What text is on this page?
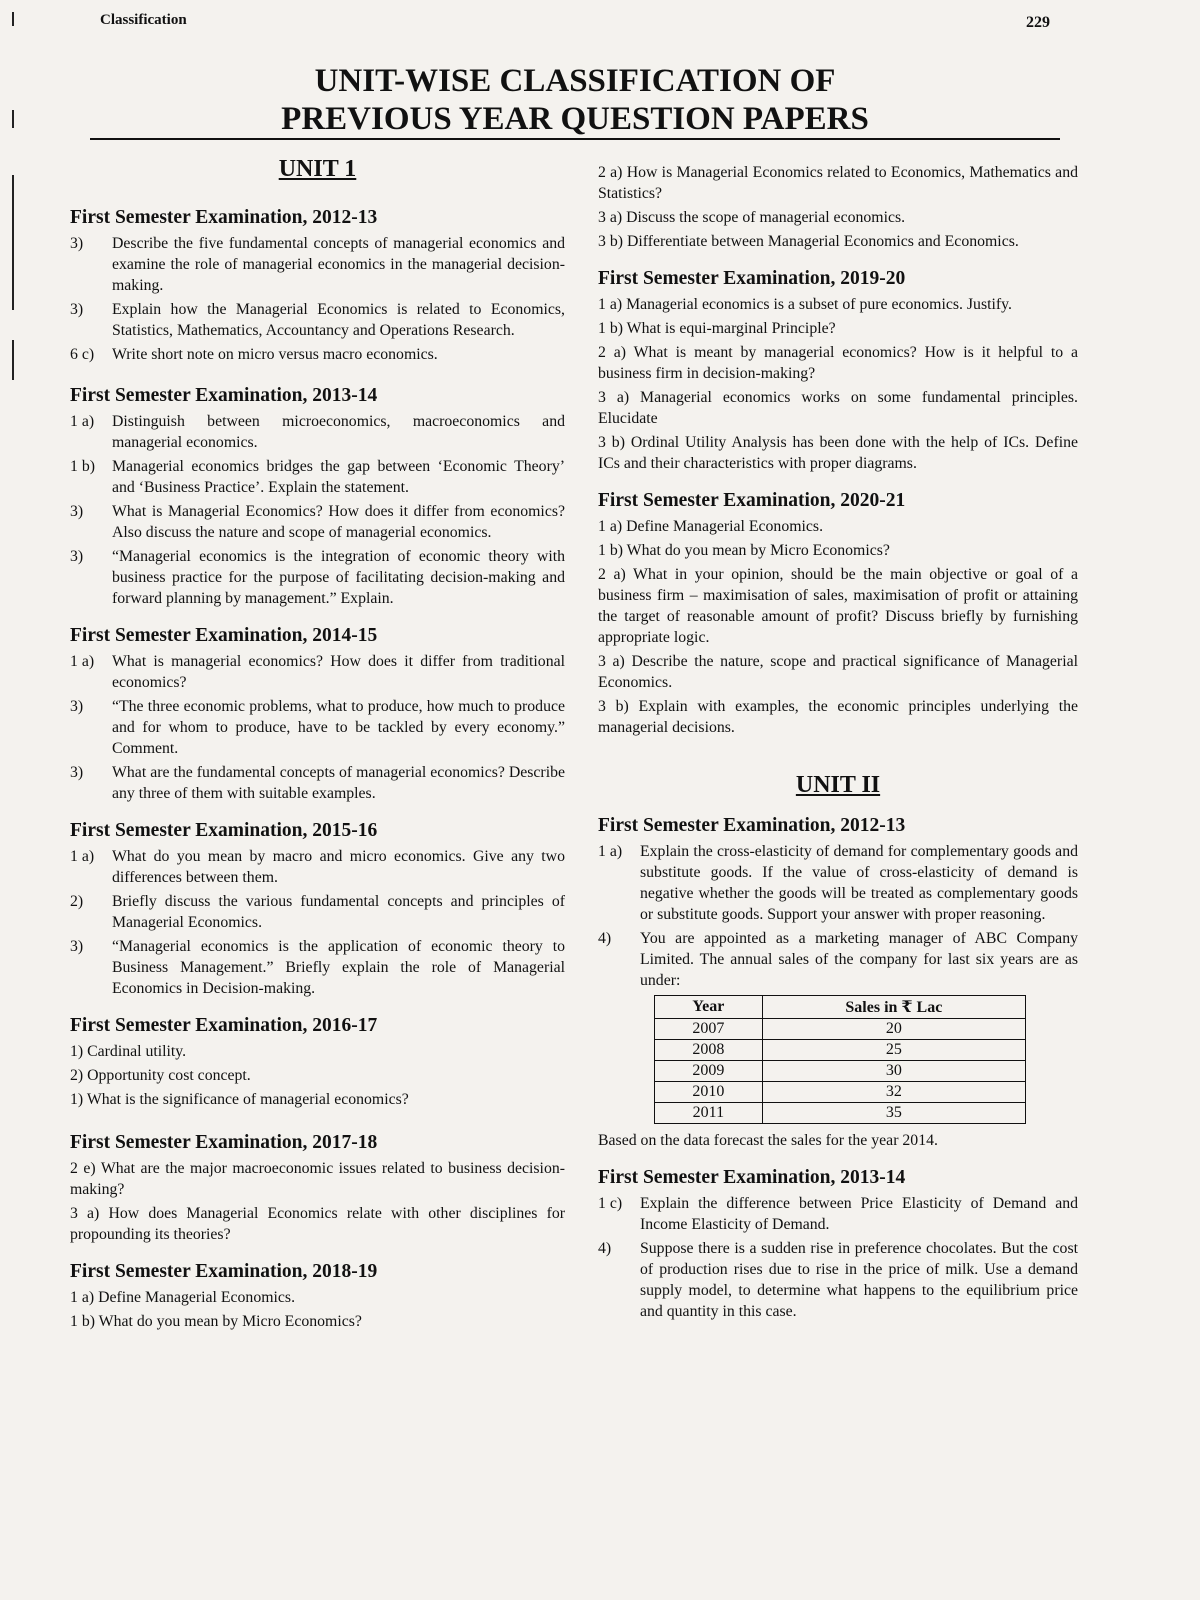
Classification	229
UNIT-WISE CLASSIFICATION OF
PREVIOUS YEAR QUESTION PAPERS
UNIT 1
First Semester Examination, 2012-13
3)	Describe the five fundamental concepts of managerial economics and examine the role of managerial economics in the managerial decision-making.
3)	Explain how the Managerial Economics is related to Economics, Statistics, Mathematics, Accountancy and Operations Research.
6 c)	Write short note on micro versus macro economics.
First Semester Examination, 2013-14
1 a)	Distinguish between microeconomics, macroeconomics and managerial economics.
1 b)	Managerial economics bridges the gap between ‘Economic Theory’ and ‘Business Practice’. Explain the statement.
3)	What is Managerial Economics? How does it differ from economics? Also discuss the nature and scope of managerial economics.
3)	“Managerial economics is the integration of economic theory with business practice for the purpose of facilitating decision-making and forward planning by management.” Explain.
First Semester Examination, 2014-15
1 a)	What is managerial economics? How does it differ from traditional economics?
3)	“The three economic problems, what to produce, how much to produce and for whom to produce, have to be tackled by every economy.” Comment.
3)	What are the fundamental concepts of managerial economics? Describe any three of them with suitable examples.
First Semester Examination, 2015-16
1 a)	What do you mean by macro and micro economics. Give any two differences between them.
2)	Briefly discuss the various fundamental concepts and principles of Managerial Economics.
3)	“Managerial economics is the application of economic theory to Business Management.” Briefly explain the role of Managerial Economics in Decision-making.
First Semester Examination, 2016-17
1) Cardinal utility.
2) Opportunity cost concept.
1) What is the significance of managerial economics?
First Semester Examination, 2017-18
2 e) What are the major macroeconomic issues related to business decision-making?
3 a) How does Managerial Economics relate with other disciplines for propounding its theories?
First Semester Examination, 2018-19
1 a) Define Managerial Economics.
1 b) What do you mean by Micro Economics?
2 a) How is Managerial Economics related to Economics, Mathematics and Statistics?
3 a) Discuss the scope of managerial economics.
3 b) Differentiate between Managerial Economics and Economics.
First Semester Examination, 2019-20
1 a) Managerial economics is a subset of pure economics. Justify.
1 b) What is equi-marginal Principle?
2 a) What is meant by managerial economics? How is it helpful to a business firm in decision-making?
3 a) Managerial economics works on some fundamental principles. Elucidate
3 b) Ordinal Utility Analysis has been done with the help of ICs. Define ICs and their characteristics with proper diagrams.
First Semester Examination, 2020-21
1 a) Define Managerial Economics.
1 b) What do you mean by Micro Economics?
2 a) What in your opinion, should be the main objective or goal of a business firm – maximisation of sales, maximisation of profit or attaining the target of reasonable amount of profit? Discuss briefly by furnishing appropriate logic.
3 a) Describe the nature, scope and practical significance of Managerial Economics.
3 b) Explain with examples, the economic principles underlying the managerial decisions.
UNIT II
First Semester Examination, 2012-13
1 a)	Explain the cross-elasticity of demand for complementary goods and substitute goods. If the value of cross-elasticity of demand is negative whether the goods will be treated as complementary goods or substitute goods. Support your answer with proper reasoning.
4)	You are appointed as a marketing manager of ABC Company Limited. The annual sales of the company for last six years are as under:
Year	Sales in ₹ Lac
2007	20
2008	25
2009	30
2010	32
2011	35
Based on the data forecast the sales for the year 2014.
First Semester Examination, 2013-14
1 c)	Explain the difference between Price Elasticity of Demand and Income Elasticity of Demand.
4)	Suppose there is a sudden rise in preference chocolates. But the cost of production rises due to rise in the price of milk. Use a demand supply model, to determine what happens to the equilibrium price and quantity in this case.
